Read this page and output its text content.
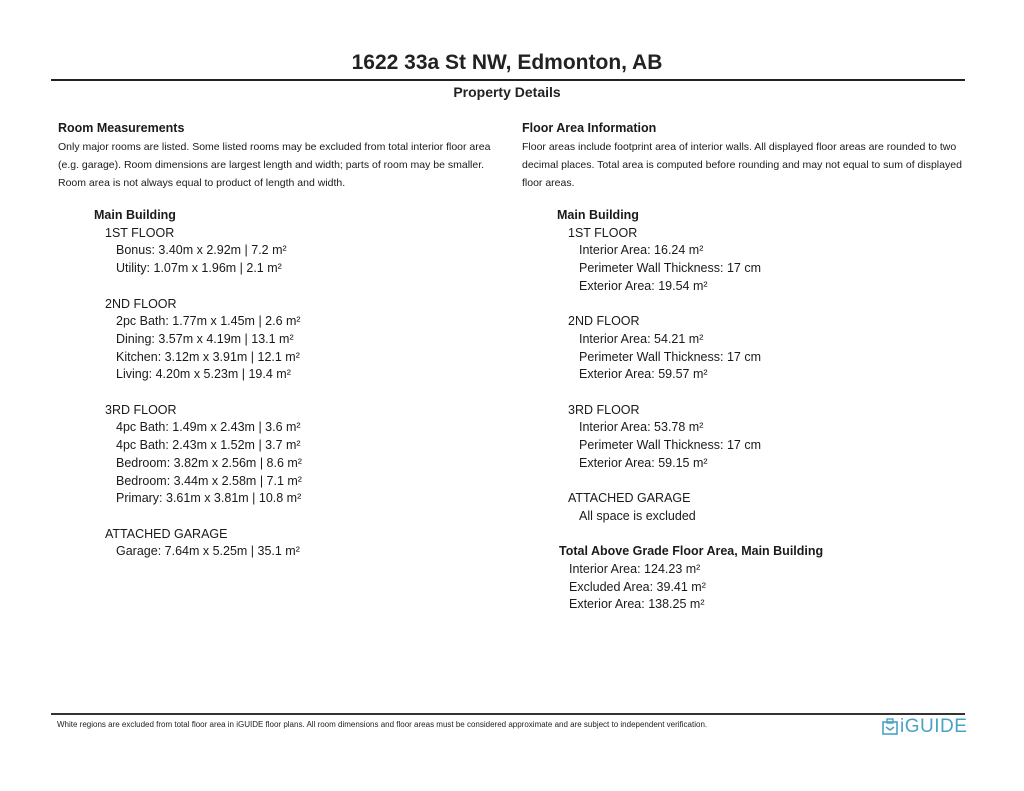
1622 33a St NW, Edmonton, AB
Property Details
Room Measurements

Only major rooms are listed. Some listed rooms may be excluded from total interior floor area (e.g. garage). Room dimensions are largest length and width; parts of room may be smaller. Room area is not always equal to product of length and width.

Floor Area Information

Floor areas include footprint area of interior walls. All displayed floor areas are rounded to two decimal places. Total area is computed before rounding and may not equal to sum of displayed floor areas.

Main Building
1ST FLOOR
Bonus: 3.40m x 2.92m | 7.2 m²
Utility: 1.07m x 1.96m | 2.1 m²
2ND FLOOR
2pc Bath: 1.77m x 1.45m | 2.6 m²
Dining: 3.57m x 4.19m | 13.1 m²
Kitchen: 3.12m x 3.91m | 12.1 m²
Living: 4.20m x 5.23m | 19.4 m²
3RD FLOOR
4pc Bath: 1.49m x 2.43m | 3.6 m²
4pc Bath: 2.43m x 1.52m | 3.7 m²
Bedroom: 3.82m x 2.56m | 8.6 m²
Bedroom: 3.44m x 2.58m | 7.1 m²
Primary: 3.61m x 3.81m | 10.8 m²
ATTACHED GARAGE
Garage: 7.64m x 5.25m | 35.1 m²
Main Building
1ST FLOOR
Interior Area: 16.24 m²
Perimeter Wall Thickness: 17 cm
Exterior Area: 19.54 m²
2ND FLOOR
Interior Area: 54.21 m²
Perimeter Wall Thickness: 17 cm
Exterior Area: 59.57 m²
3RD FLOOR
Interior Area: 53.78 m²
Perimeter Wall Thickness: 17 cm
Exterior Area: 59.15 m²
ATTACHED GARAGE
All space is excluded
Total Above Grade Floor Area, Main Building
Interior Area: 124.23 m²
Excluded Area: 39.41 m²
Exterior Area: 138.25 m²
White regions are excluded from total floor area in iGUIDE floor plans. All room dimensions and floor areas must be considered approximate and are subject to independent verification.	iGUIDE
